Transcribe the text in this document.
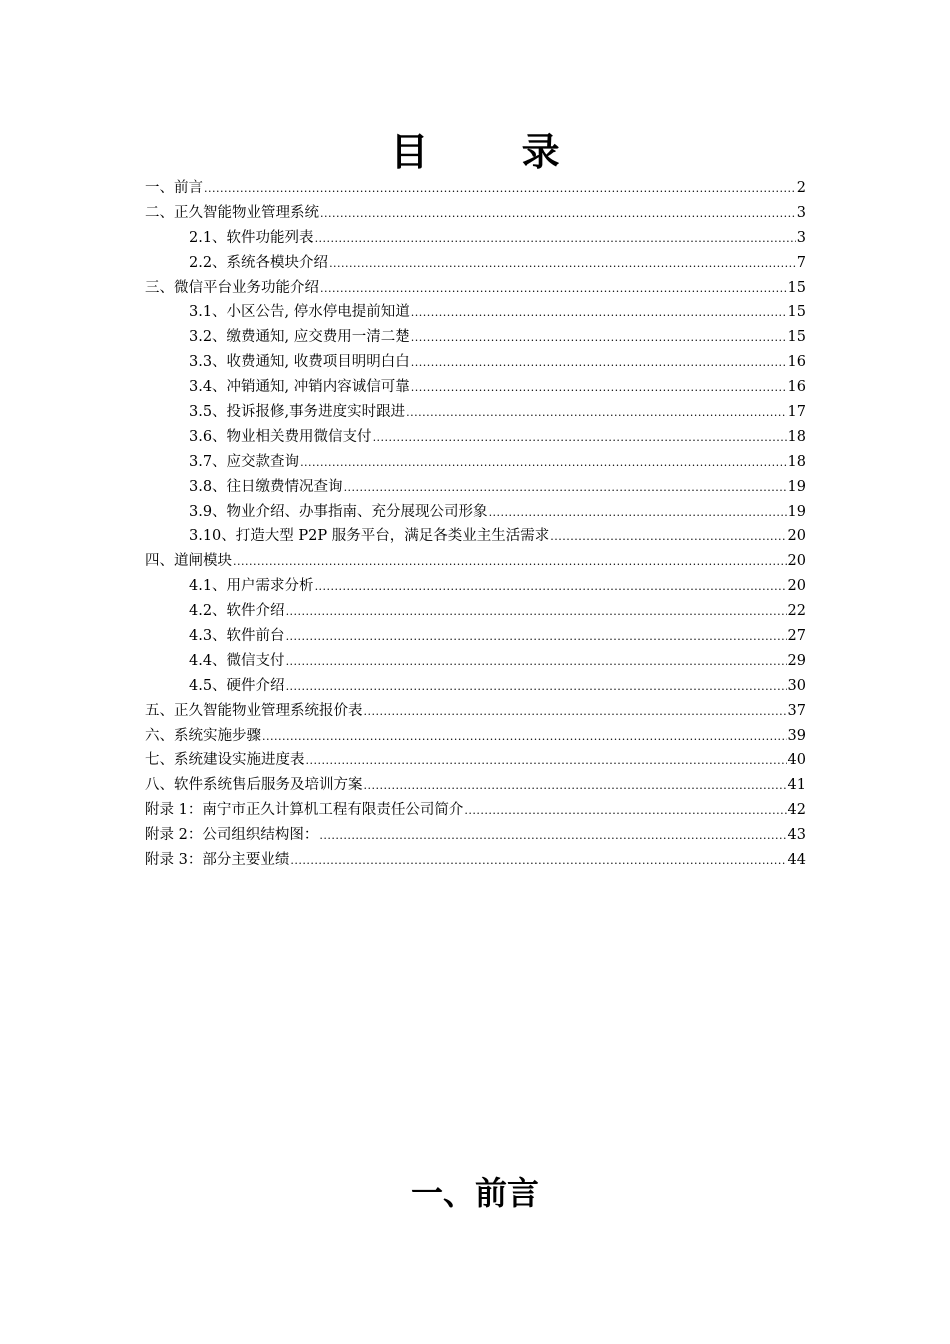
目 录
一、前言 .....	2
二、正久智能物业管理系统 .....	3
2.1、软件功能列表 .....	3
2.2、系统各模块介绍 .....	7
三、微信平台业务功能介绍 .....	15
3.1、小区公告, 停水停电提前知道 .....	15
3.2、缴费通知, 应交费用一清二楚 .....	15
3.3、收费通知, 收费项目明明白白 .....	16
3.4、冲销通知, 冲销内容诚信可靠 .....	16
3.5、投诉报修,事务进度实时跟进 .....	17
3.6、物业相关费用微信支付 .....	18
3.7、应交款查询 .....	18
3.8、往日缴费情况查询 .....	19
3.9、物业介绍、办事指南、充分展现公司形象 .....	19
3.10、打造大型 P2P 服务平台，满足各类业主生活需求 .....	20
四、道闸模块 .....	20
4.1、用户需求分析 .....	20
4.2、软件介绍 .....	22
4.3、软件前台 .....	27
4.4、微信支付 .....	29
4.5、硬件介绍 .....	30
五、正久智能物业管理系统报价表 .....	37
六、系统实施步骤 .....	39
七、系统建设实施进度表 .....	40
八、软件系统售后服务及培训方案 .....	41
附录 1：南宁市正久计算机工程有限责任公司简介 .....	42
附录 2：公司组织结构图： .....	43
附录 3：部分主要业绩 .....	44
一、前言
